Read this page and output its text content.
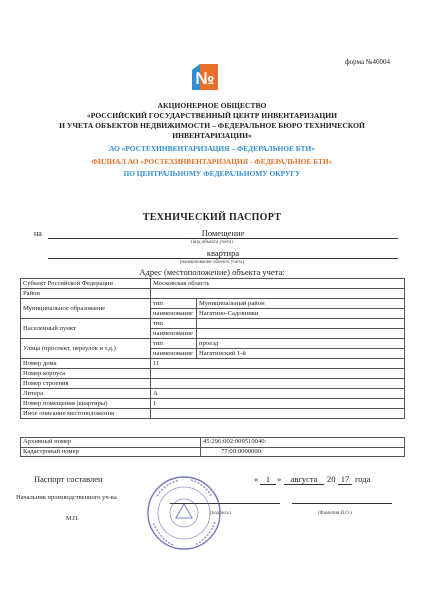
форма №46004
№
АКЦИОНЕРНОЕ ОБЩЕСТВО
«РОССИЙСКИЙ ГОСУДАРСТВЕННЫЙ ЦЕНТР ИНВЕНТАРИЗАЦИИ
И УЧЕТА ОБЪЕКТОВ НЕДВИЖИМОСТИ – ФЕДЕРАЛЬНОЕ БЮРО ТЕХНИЧЕСКОЙ
ИНВЕНТАРИЗАЦИИ»
АО «РОСТЕХИНВЕНТАРИЗАЦИЯ – ФЕДЕРАЛЬНОЕ БТИ»
ФИЛИАЛ АО «РОСТЕХИНВЕНТАРИЗАЦИЯ - ФЕДЕРАЛЬНОЕ БТИ»
ПО ЦЕНТРАЛЬНОМУ ФЕДЕРАЛЬНОМУ ОКРУГУ
ТЕХНИЧЕСКИЙ ПАСПОРТ
на	Помещение
(вид объекта учета)
квартира
(наименование объекта учета)
Адрес (местоположение) объекта учета:
Субъект Российской Федерации	Московская область	
Район		
Муниципальное образование	тип	Муниципальный район
	наименование	Нагатино-Садовники
Населенный пункт	тип	
	наименование	
Улица (проспект, переулок и т.д.)	тип	проезд
	наименование	Нагатинский 1-й
Номер дома	11	
Номер корпуса		
Номер строения		
Литера	А	
Номер помещения (квартиры)	1	
Иное описание местоположения		
Архивный номер	45:296:002:000510040:
Кадастровый номер	77:00:0000000:
Паспорт составлен	« 1 »	августа	20 17 года
Начальник производственного уч-ка
(подпись)	(Фамилия И.О.)
М.П.
